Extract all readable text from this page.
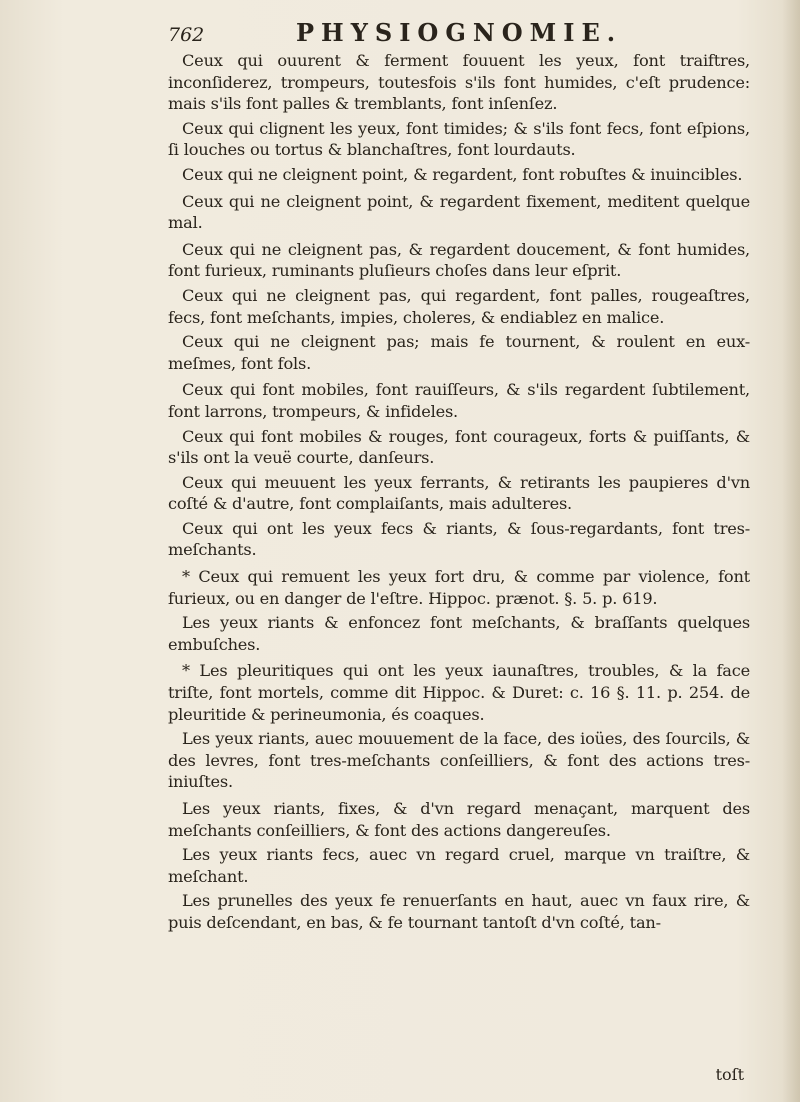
762	PHYSIOGNOMIE.

Ceux qui ouurent & ferment fouuent les yeux, font traiftres, inconſiderez, trompeurs, toutesfois s'ils font humides, c'eſt prudence: mais s'ils font palles & tremblants, font inſenſez.

Ceux qui clignent les yeux, font timides; & s'ils font fecs, font eſpions, ſi louches ou tortus & blanchaſtres, font lourdauts.

Ceux qui ne cleignent point, & regardent, font robuſtes & inuincibles.

Ceux qui ne cleignent point, & regardent fixement, meditent quelque mal.

Ceux qui ne cleignent pas, & regardent doucement, & font humides, font furieux, ruminants pluſieurs choſes dans leur eſprit.

Ceux qui ne cleignent pas, qui regardent, font palles, rougeaſtres, fecs, font meſchants, impies, choleres, & endiablez en malice.

Ceux qui ne cleignent pas; mais fe tournent, & roulent en eux-meſmes, font fols.

Ceux qui font mobiles, font rauiſſeurs, & s'ils regardent ſubtilement, font larrons, trompeurs, & infideles.

Ceux qui font mobiles & rouges, font courageux, forts & puiſſants, & s'ils ont la veuë courte, danſeurs.

Ceux qui meuuent les yeux ferrants, & retirants les paupieres d'vn coſté & d'autre, font complaiſants, mais adulteres.

Ceux qui ont les yeux fecs & riants, & ſous-regardants, font tres-meſchants.

* Ceux qui remuent les yeux fort dru, & comme par violence, font furieux, ou en danger de l'eſtre. Hippoc. prænot. §. 5. p. 619.

Les yeux riants & enfoncez font meſchants, & braſſants quelques embuſches.

* Les pleuritiques qui ont les yeux iaunaſtres, troubles, & la face triſte, font mortels, comme dit Hippoc. & Duret: c. 16 §. 11. p. 254. de pleuritide & perineumonia, és coaques.

Les yeux riants, auec mouuement de la face, des ioües, des ſourcils, & des levres, font tres-meſchants conſeilliers, & font des actions tres-iniuſtes.

Les yeux riants, fixes, & d'vn regard menaçant, marquent des meſchants conſeilliers, & font des actions dangereuſes.

Les yeux riants fecs, auec vn regard cruel, marque vn traiſtre, & meſchant.

Les prunelles des yeux fe renuerſants en haut, auec vn faux rire, & puis deſcendant, en bas, & fe tournant tantoſt d'vn coſté, tan-

toſt
